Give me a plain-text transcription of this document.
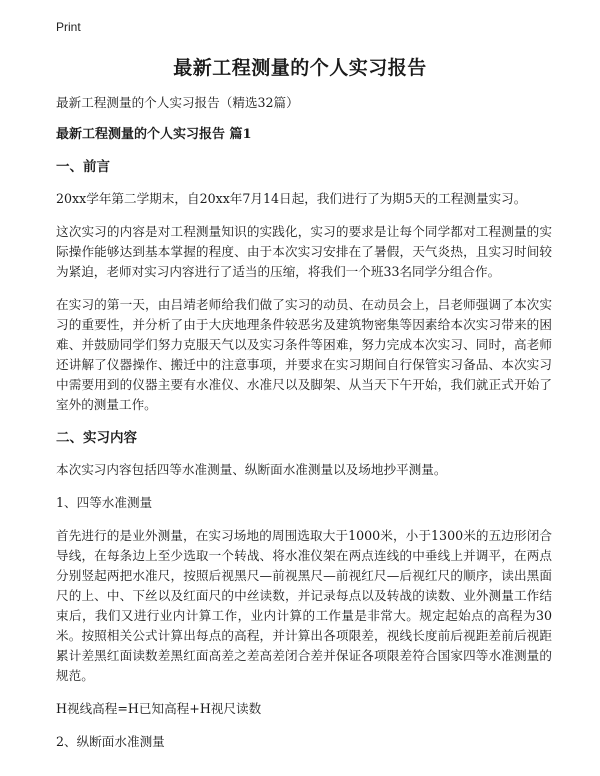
Print
最新工程测量的个人实习报告

最新工程测量的个人实习报告（精选32篇）

最新工程测量的个人实习报告 篇1

一、前言

20xx学年第二学期末，自20xx年7月14日起，我们进行了为期5天的工程测量实习。

这次实习的内容是对工程测量知识的实践化，实习的要求是让每个同学都对工程测量的实际操作能够达到基本掌握的程度、由于本次实习安排在了暑假，天气炎热，且实习时间较为紧迫，老师对实习内容进行了适当的压缩，将我们一个班33名同学分组合作。

在实习的第一天，由吕靖老师给我们做了实习的动员、在动员会上，吕老师强调了本次实习的重要性，并分析了由于大庆地理条件较恶劣及建筑物密集等因素给本次实习带来的困难、并鼓励同学们努力克服天气以及实习条件等困难，努力完成本次实习、同时，高老师还讲解了仪器操作、搬迁中的注意事项，并要求在实习期间自行保管实习备品、本次实习中需要用到的仪器主要有水准仪、水准尺以及脚架、从当天下午开始，我们就正式开始了室外的测量工作。

二、实习内容

本次实习内容包括四等水准测量、纵断面水准测量以及场地抄平测量。

1、四等水准测量

首先进行的是业外测量，在实习场地的周围选取大于1000米，小于1300米的五边形闭合导线，在每条边上至少选取一个转战、将水准仪架在两点连线的中垂线上并调平，在两点分别竖起两把水准尺，按照后视黑尺—前视黑尺—前视红尺—后视红尺的顺序，读出黑面尺的上、中、下丝以及红面尺的中丝读数，并记录每点以及转战的读数、业外测量工作结束后，我们又进行业内计算工作，业内计算的工作量是非常大。规定起始点的高程为30米。按照相关公式计算出每点的高程，并计算出各项限差，视线长度前后视距差前后视距累计差黑红面读数差黑红面高差之差高差闭合差并保证各项限差符合国家四等水准测量的规范。

H视线高程=H已知高程+H视尺读数

2、纵断面水准测量
